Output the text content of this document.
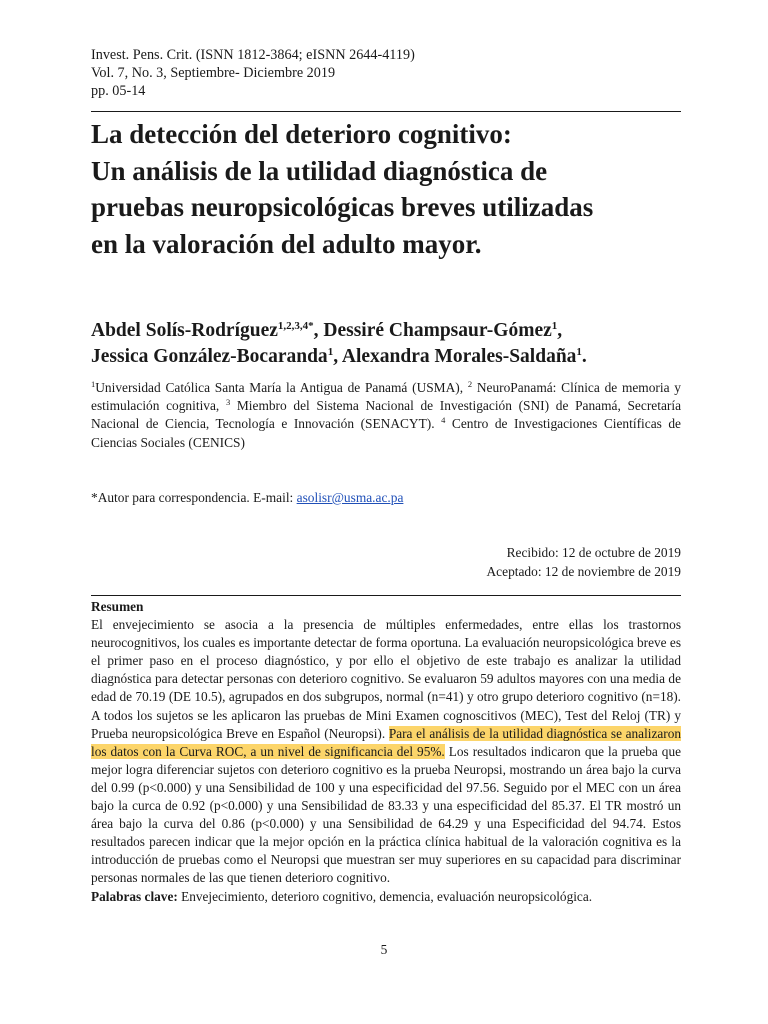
Invest. Pens. Crit. (ISNN 1812-3864; eISNN 2644-4119)
Vol. 7, No. 3, Septiembre- Diciembre 2019
pp. 05-14
La detección del deterioro cognitivo:
Un análisis de la utilidad diagnóstica de
pruebas neuropsicológicas breves utilizadas
en la valoración del adulto mayor.
Abdel Solís-Rodríguez$^{1,2,3,4*}$, Dessiré Champsaur-Gómez$^1$,
Jessica González-Bocaranda$^1$, Alexandra Morales-Saldaña$^1$.
$^1$Universidad Católica Santa María la Antigua de Panamá (USMA), $^2$ NeuroPanamá: Clínica de memoria y estimulación cognitiva, $^3$ Miembro del Sistema Nacional de Investigación (SNI) de Panamá, Secretaría Nacional de Ciencia, Tecnología e Innovación (SENACYT). $^4$ Centro de Investigaciones Científicas de Ciencias Sociales (CENICS)
*Autor para correspondencia. E-mail: asolisr@usma.ac.pa
Recibido: 12 de octubre de 2019
Aceptado: 12 de noviembre de 2019
Resumen
El envejecimiento se asocia a la presencia de múltiples enfermedades, entre ellas los trastornos neurocognitivos, los cuales es importante detectar de forma oportuna. La evaluación neuropsicológica breve es el primer paso en el proceso diagnóstico, y por ello el objetivo de este trabajo es analizar la utilidad diagnóstica para detectar personas con deterioro cognitivo. Se evaluaron 59 adultos mayores con una media de edad de 70.19 (DE 10.5), agrupados en dos subgrupos, normal (n=41) y otro grupo deterioro cognitivo (n=18). A todos los sujetos se les aplicaron las pruebas de Mini Examen cognoscitivos (MEC), Test del Reloj (TR) y Prueba neuropsicológica Breve en Español (Neuropsi). Para el análisis de la utilidad diagnóstica se analizaron los datos con la Curva ROC, a un nivel de significancia del 95%. Los resultados indicaron que la prueba que mejor logra diferenciar sujetos con deterioro cognitivo es la prueba Neuropsi, mostrando un área bajo la curva del 0.99 (p<0.000) y una Sensibilidad de 100 y una especificidad del 97.56. Seguido por el MEC con un área bajo la curca de 0.92 (p<0.000) y una Sensibilidad de 83.33 y una especificidad del 85.37. El TR mostró un área bajo la curva del 0.86 (p<0.000) y una Sensibilidad de 64.29 y una Especificidad del 94.74. Estos resultados parecen indicar que la mejor opción en la práctica clínica habitual de la valoración cognitiva es la introducción de pruebas como el Neuropsi que muestran ser muy superiores en su capacidad para discriminar personas normales de las que tienen deterioro cognitivo.
Palabras clave: Envejecimiento, deterioro cognitivo, demencia, evaluación neuropsicológica.
5
